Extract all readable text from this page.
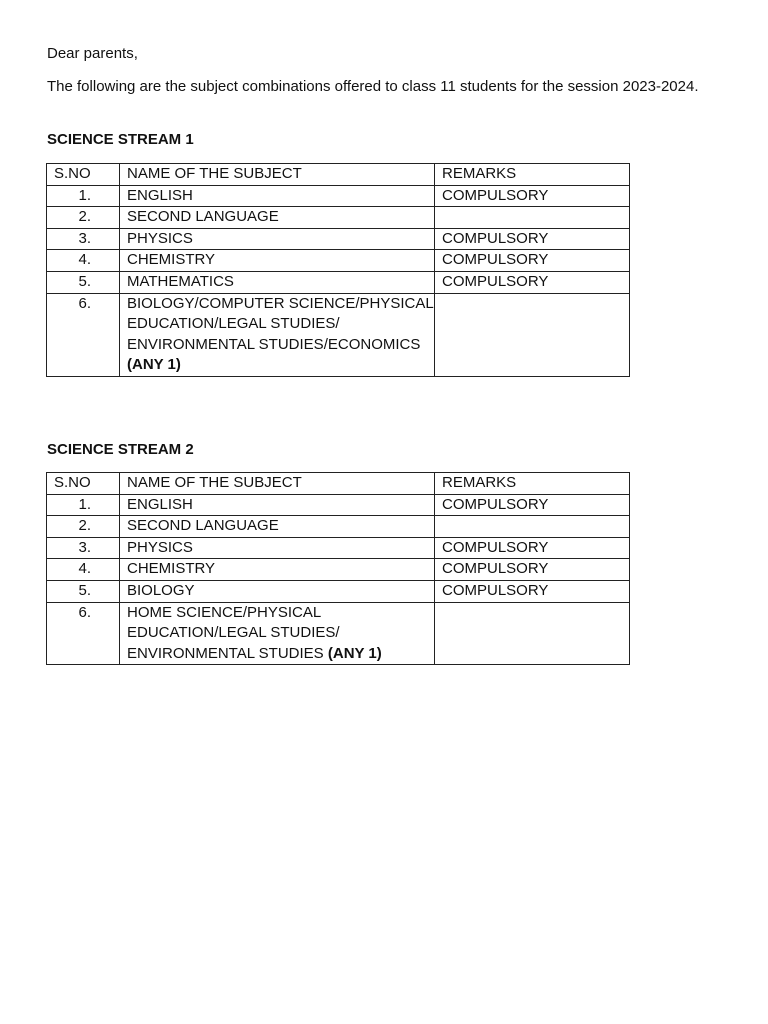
Dear parents,

The following are the subject combinations offered to class 11 students for the session 2023-2024.

SCIENCE STREAM 1

S.NO	NAME OF THE SUBJECT	REMARKS
1.	ENGLISH	COMPULSORY
2.	SECOND LANGUAGE	
3.	PHYSICS	COMPULSORY
4.	CHEMISTRY	COMPULSORY
5.	MATHEMATICS	COMPULSORY
6.	BIOLOGY/COMPUTER SCIENCE/PHYSICAL EDUCATION/LEGAL STUDIES/ ENVIRONMENTAL STUDIES/ECONOMICS
(ANY 1)	

SCIENCE STREAM 2

S.NO	NAME OF THE SUBJECT	REMARKS
1.	ENGLISH	COMPULSORY
2.	SECOND LANGUAGE	
3.	PHYSICS	COMPULSORY
4.	CHEMISTRY	COMPULSORY
5.	BIOLOGY	COMPULSORY
6.	HOME SCIENCE/PHYSICAL EDUCATION/LEGAL STUDIES/ ENVIRONMENTAL STUDIES (ANY 1)	
